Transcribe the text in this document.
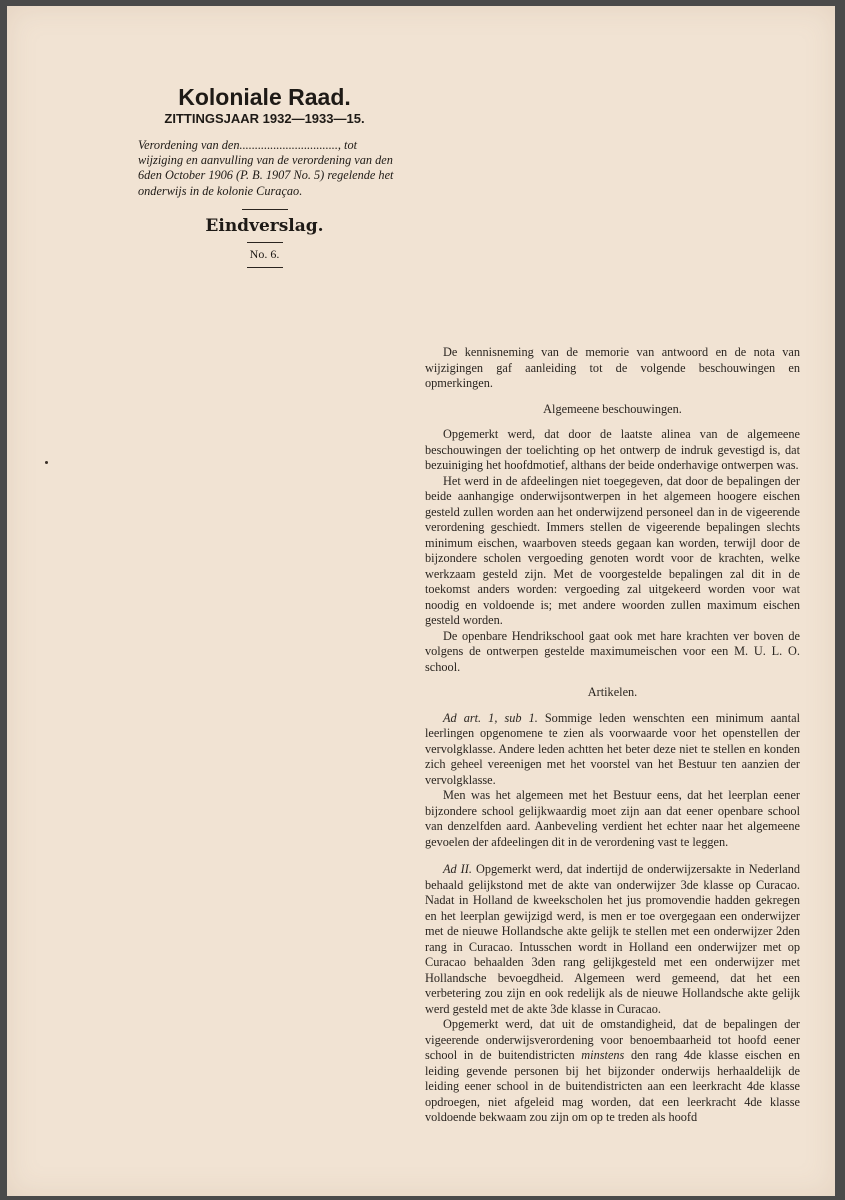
Koloniale Raad.

ZITTINGSJAAR 1932—1933—15.

Verordening van den................................, tot wijziging en aanvulling van de verordening van den 6den October 1906 (P. B. 1907 No. 5) regelende het onderwijs in de kolonie Curaçao.

Eindverslag.
No. 6.

De kennisneming van de memorie van antwoord en de nota van wijzigingen gaf aanleiding tot de volgende beschouwingen en opmerkingen.

Algemeene beschouwingen.

Opgemerkt werd, dat door de laatste alinea van de algemeene beschouwingen der toelichting op het ontwerp de indruk gevestigd is, dat bezuiniging het hoofdmotief, althans der beide onderhavige ontwerpen was.

Het werd in de afdeelingen niet toegegeven, dat door de bepalingen der beide aanhangige onderwijsontwerpen in het algemeen hoogere eischen gesteld zullen worden aan het onderwijzend personeel dan in de vigeerende verordening geschiedt. Immers stellen de vigeerende bepalingen slechts minimum eischen, waarboven steeds gegaan kan worden, terwijl door de bijzondere scholen vergoeding genoten wordt voor de krachten, welke werkzaam gesteld zijn. Met de voorgestelde bepalingen zal dit in de toekomst anders worden: vergoeding zal uitgekeerd worden voor wat noodig en voldoende is; met andere woorden zullen maximum eischen gesteld worden.

De openbare Hendrikschool gaat ook met hare krachten ver boven de volgens de ontwerpen gestelde maximumeischen voor een M. U. L. O. school.

Artikelen.

Ad art. 1, sub 1. Sommige leden wenschten een minimum aantal leerlingen opgenomene te zien als voorwaarde voor het openstellen der vervolgklasse. Andere leden achtten het beter deze niet te stellen en konden zich geheel vereenigen met het voorstel van het Bestuur ten aanzien der vervolgklasse.

Men was het algemeen met het Bestuur eens, dat het leerplan eener bijzondere school gelijkwaardig moet zijn aan dat eener openbare school van denzelfden aard. Aanbeveling verdient het echter naar het algemeene gevoelen der afdeelingen dit in de verordening vast te leggen.

Ad II. Opgemerkt werd, dat indertijd de onderwijzersakte in Nederland behaald gelijkstond met de akte van onderwijzer 3de klasse op Curacao. Nadat in Holland de kweekscholen het jus promovendie hadden gekregen en het leerplan gewijzigd werd, is men er toe overgegaan een onderwijzer met de nieuwe Hollandsche akte gelijk te stellen met een onderwijzer 2den rang in Curacao. Intusschen wordt in Holland een onderwijzer met op Curacao behaalden 3den rang gelijkgesteld met een onderwijzer met Hollandsche bevoegdheid. Algemeen werd gemeend, dat het een verbetering zou zijn en ook redelijk als de nieuwe Hollandsche akte gelijk werd gesteld met de akte 3de klasse in Curacao.

Opgemerkt werd, dat uit de omstandigheid, dat de bepalingen der vigeerende onderwijsverordening voor benoembaarheid tot hoofd eener school in de buitendistricten minstens den rang 4de klasse eischen en leiding gevende personen bij het bijzonder onderwijs herhaaldelijk de leiding eener school in de buitendistricten aan een leerkracht 4de klasse opdroegen, niet afgeleid mag worden, dat een leerkracht 4de klasse voldoende bekwaam zou zijn om op te treden als hoofd
